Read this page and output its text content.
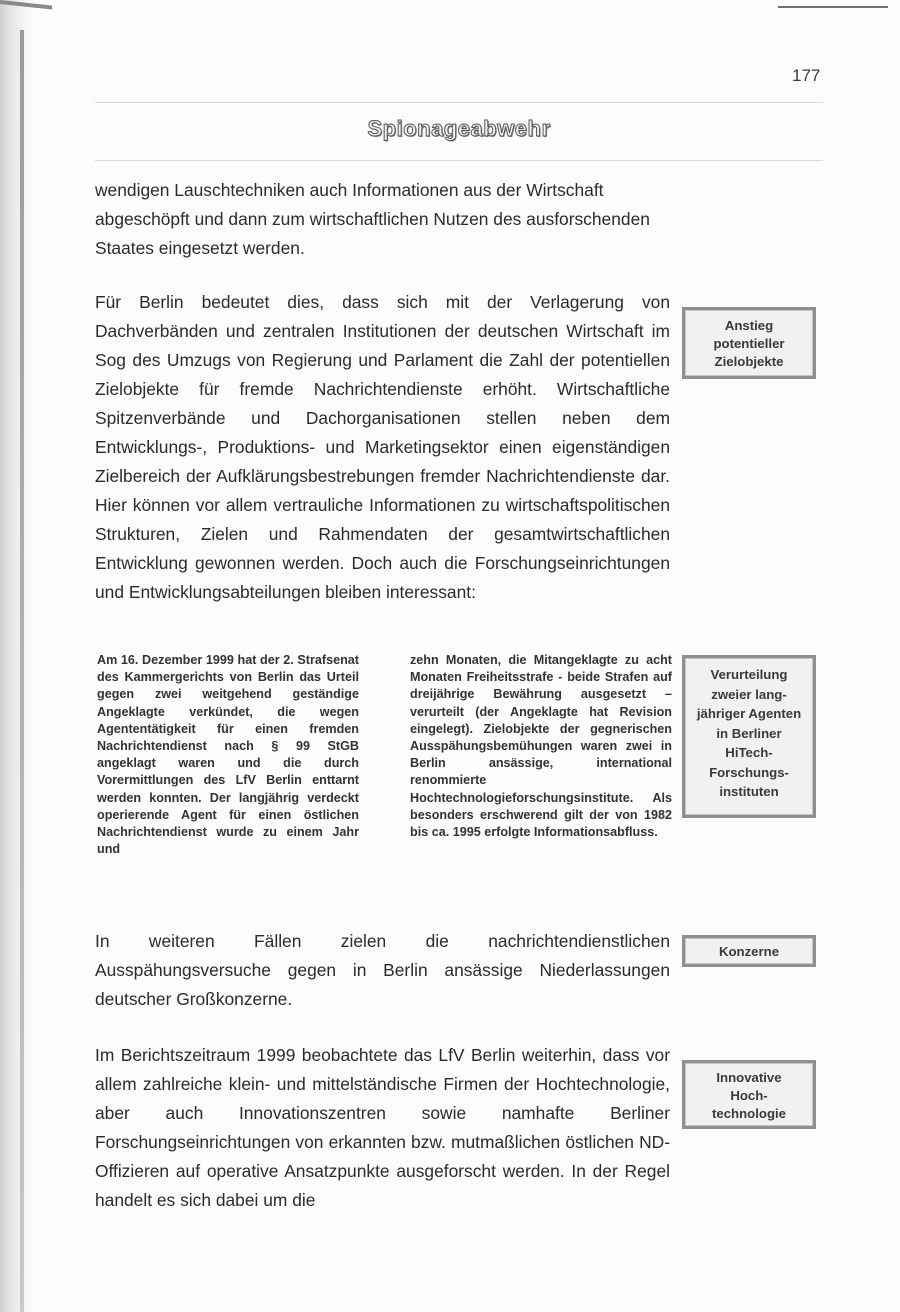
177
Spionageabwehr

wendigen Lauschtechniken auch Informationen aus der Wirtschaft abgeschöpft und dann zum wirtschaftlichen Nutzen des ausforschenden Staates eingesetzt werden.

Für Berlin bedeutet dies, dass sich mit der Verlagerung von Dachverbänden und zentralen Institutionen der deutschen Wirtschaft im Sog des Umzugs von Regierung und Parlament die Zahl der potentiellen Zielobjekte für fremde Nachrichtendienste erhöht. Wirtschaftliche Spitzenverbände und Dachorganisationen stellen neben dem Entwicklungs-, Produktions- und Marketingsektor einen eigenständigen Zielbereich der Aufklärungsbestrebungen fremder Nachrichtendienste dar. Hier können vor allem vertrauliche Informationen zu wirtschaftspolitischen Strukturen, Zielen und Rahmendaten der gesamtwirtschaftlichen Entwicklung gewonnen werden. Doch auch die Forschungseinrichtungen und Entwicklungsabteilungen bleiben interessant:

Am 16. Dezember 1999 hat der 2. Strafsenat des Kammergerichts von Berlin das Urteil gegen zwei weitgehend geständige Angeklagte verkündet, die wegen Agententätigkeit für einen fremden Nachrichtendienst nach § 99 StGB angeklagt waren und die durch Vorermittlungen des LfV Berlin enttarnt werden konnten. Der langjährig verdeckt operierende Agent für einen östlichen Nachrichtendienst wurde zu einem Jahr und

zehn Monaten, die Mitangeklagte zu acht Monaten Freiheitsstrafe - beide Strafen auf dreijährige Bewährung ausgesetzt – verurteilt (der Angeklagte hat Revision eingelegt). Zielobjekte der gegnerischen Ausspähungsbemühungen waren zwei in Berlin ansässige, international renommierte Hochtechnologieforschungsinstitute. Als besonders erschwerend gilt der von 1982 bis ca. 1995 erfolgte Informationsabfluss.

In weiteren Fällen zielen die nachrichtendienstlichen Ausspähungsversuche gegen in Berlin ansässige Niederlassungen deutscher Großkonzerne.

Im Berichtszeitraum 1999 beobachtete das LfV Berlin weiterhin, dass vor allem zahlreiche klein- und mittelständische Firmen der Hochtechnologie, aber auch Innovationszentren sowie namhafte Berliner Forschungseinrichtungen von erkannten bzw. mutmaßlichen östlichen ND-Offizieren auf operative Ansatzpunkte ausgeforscht werden. In der Regel handelt es sich dabei um die

Anstieg
potentieller
Zielobjekte
Verurteilung
zweier lang-
jähriger Agenten
in Berliner
HiTech-
Forschungs-
instituten
Konzerne
Innovative
Hoch-
technologie
